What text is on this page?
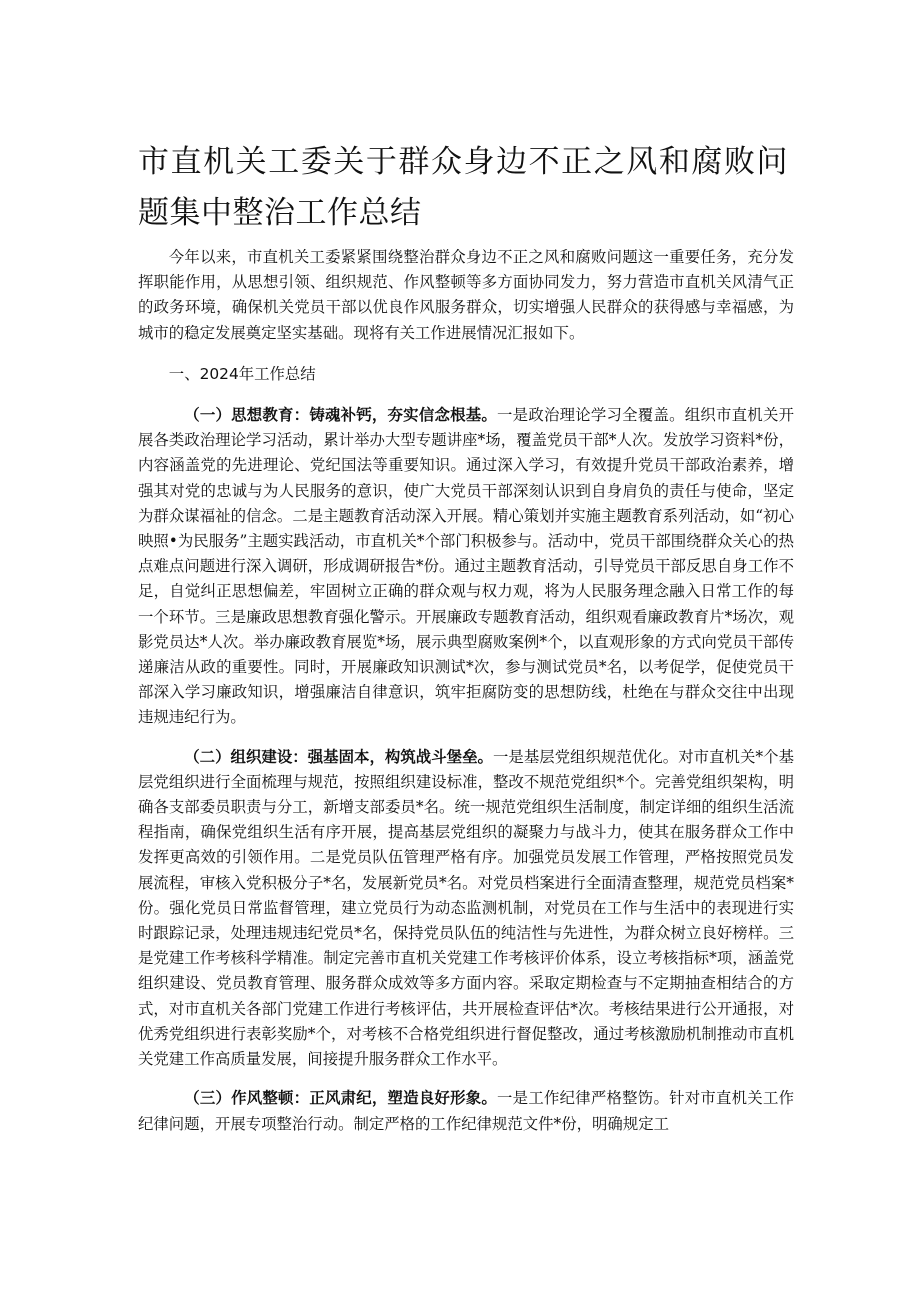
市直机关工委关于群众身边不正之风和腐败问题集中整治工作总结

今年以来，市直机关工委紧紧围绕整治群众身边不正之风和腐败问题这一重要任务，充分发挥职能作用，从思想引领、组织规范、作风整顿等多方面协同发力，努力营造市直机关风清气正的政务环境，确保机关党员干部以优良作风服务群众，切实增强人民群众的获得感与幸福感，为城市的稳定发展奠定坚实基础。现将有关工作进展情况汇报如下。

一、2024年工作总结

（一）思想教育：铸魂补钙，夯实信念根基。一是政治理论学习全覆盖。组织市直机关开展各类政治理论学习活动，累计举办大型专题讲座*场，覆盖党员干部*人次。发放学习资料*份，内容涵盖党的先进理论、党纪国法等重要知识。通过深入学习，有效提升党员干部政治素养，增强其对党的忠诚与为人民服务的意识，使广大党员干部深刻认识到自身肩负的责任与使命，坚定为群众谋福祉的信念。二是主题教育活动深入开展。精心策划并实施主题教育系列活动，如“初心映照•为民服务”主题实践活动，市直机关*个部门积极参与。活动中，党员干部围绕群众关心的热点难点问题进行深入调研，形成调研报告*份。通过主题教育活动，引导党员干部反思自身工作不足，自觉纠正思想偏差，牢固树立正确的群众观与权力观，将为人民服务理念融入日常工作的每一个环节。三是廉政思想教育强化警示。开展廉政专题教育活动，组织观看廉政教育片*场次，观影党员达*人次。举办廉政教育展览*场，展示典型腐败案例*个，以直观形象的方式向党员干部传递廉洁从政的重要性。同时，开展廉政知识测试*次，参与测试党员*名，以考促学，促使党员干部深入学习廉政知识，增强廉洁自律意识，筑牢拒腐防变的思想防线，杜绝在与群众交往中出现违规违纪行为。

（二）组织建设：强基固本，构筑战斗堡垒。一是基层党组织规范优化。对市直机关*个基层党组织进行全面梳理与规范，按照组织建设标准，整改不规范党组织*个。完善党组织架构，明确各支部委员职责与分工，新增支部委员*名。统一规范党组织生活制度，制定详细的组织生活流程指南，确保党组织生活有序开展，提高基层党组织的凝聚力与战斗力，使其在服务群众工作中发挥更高效的引领作用。二是党员队伍管理严格有序。加强党员发展工作管理，严格按照党员发展流程，审核入党积极分子*名，发展新党员*名。对党员档案进行全面清查整理，规范党员档案*份。强化党员日常监督管理，建立党员行为动态监测机制，对党员在工作与生活中的表现进行实时跟踪记录，处理违规违纪党员*名，保持党员队伍的纯洁性与先进性，为群众树立良好榜样。三是党建工作考核科学精准。制定完善市直机关党建工作考核评价体系，设立考核指标*项，涵盖党组织建设、党员教育管理、服务群众成效等多方面内容。采取定期检查与不定期抽查相结合的方式，对市直机关各部门党建工作进行考核评估，共开展检查评估*次。考核结果进行公开通报，对优秀党组织进行表彰奖励*个，对考核不合格党组织进行督促整改，通过考核激励机制推动市直机关党建工作高质量发展，间接提升服务群众工作水平。

（三）作风整顿：正风肃纪，塑造良好形象。一是工作纪律严格整饬。针对市直机关工作纪律问题，开展专项整治行动。制定严格的工作纪律规范文件*份，明确规定工
